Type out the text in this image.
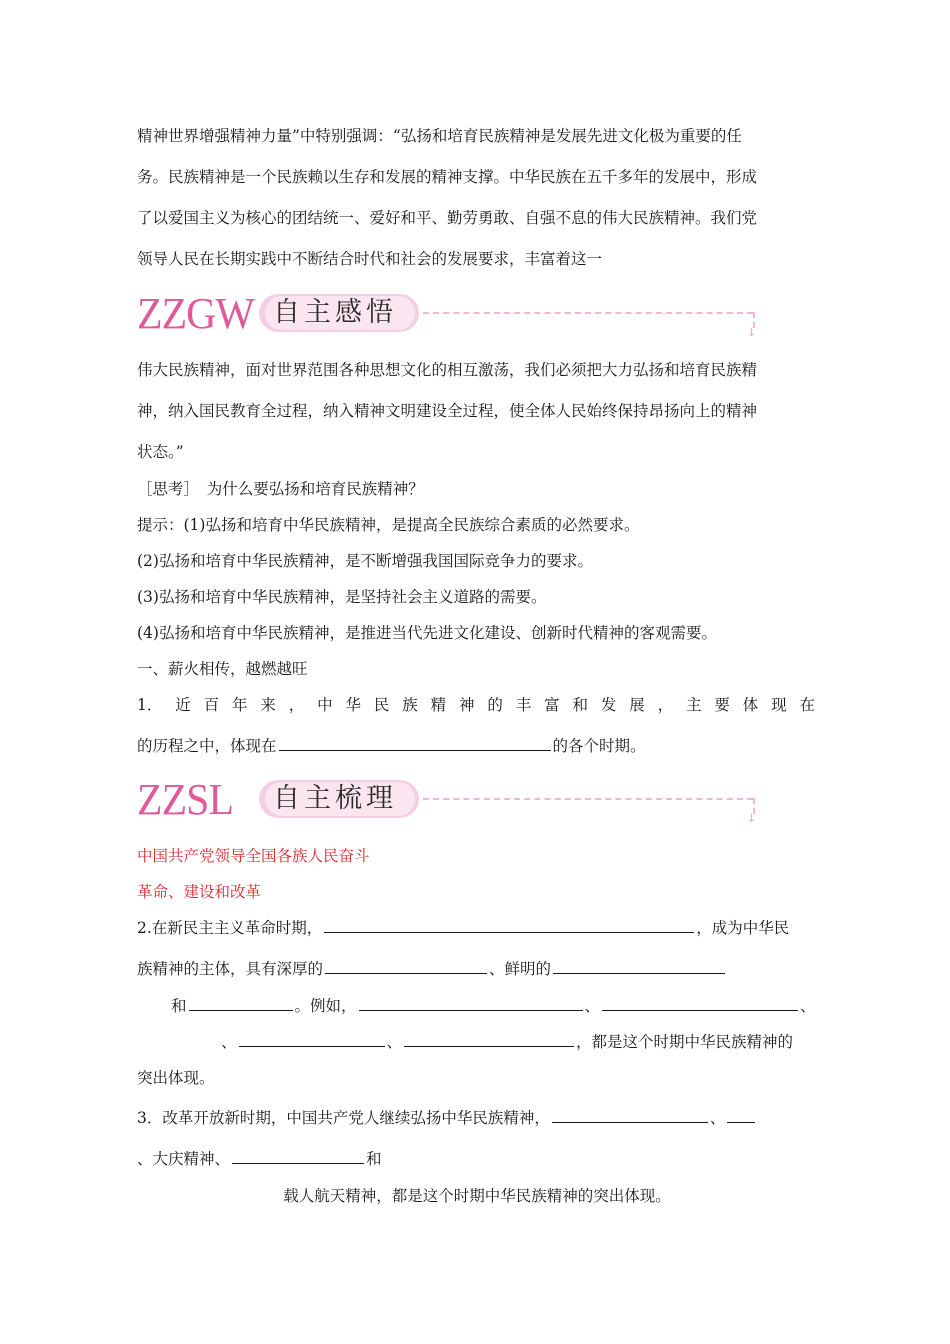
精神世界增强精神力量”中特别强调：“弘扬和培育民族精神是发展先进文化极为重要的任
务。民族精神是一个民族赖以生存和发展的精神支撑。中华民族在五千多年的发展中，形成
了以爱国主义为核心的团结统一、爱好和平、勤劳勇敢、自强不息的伟大民族精神。我们党
领导人民在长期实践中不断结合时代和社会的发展要求，丰富着这一
ZZGW 自主感悟
↓
伟大民族精神，面对世界范围各种思想文化的相互激荡，我们必须把大力弘扬和培育民族精
神，纳入国民教育全过程，纳入精神文明建设全过程，使全体人民始终保持昂扬向上的精神
状态。”
［思考］　为什么要弘扬和培育民族精神？
提示：(1)弘扬和培育中华民族精神，是提高全民族综合素质的必然要求。
(2)弘扬和培育中华民族精神，是不断增强我国国际竞争力的要求。
(3)弘扬和培育中华民族精神，是坚持社会主义道路的需要。
(4)弘扬和培育中华民族精神，是推进当代先进文化建设、创新时代精神的客观需要。
一、薪火相传，越燃越旺
1． 近 百 年 来 ， 中 华 民 族 精 神 的 丰 富 和 发 展 ， 主 要 体 现 在
的历程之中，体现在	的各个时期。
ZZSL 自主梳理
↓
中国共产党领导全国各族人民奋斗
革命、建设和改革
2.在新民主主义革命时期，	，成为中华民
族精神的主体，具有深厚的	、鲜明的
和	。例如，	、	、
、	、	，都是这个时期中华民族精神的
突出体现。
3．改革开放新时期，中国共产党人继续弘扬中华民族精神，	、
、大庆精神、	和
载人航天精神，都是这个时期中华民族精神的突出体现。
